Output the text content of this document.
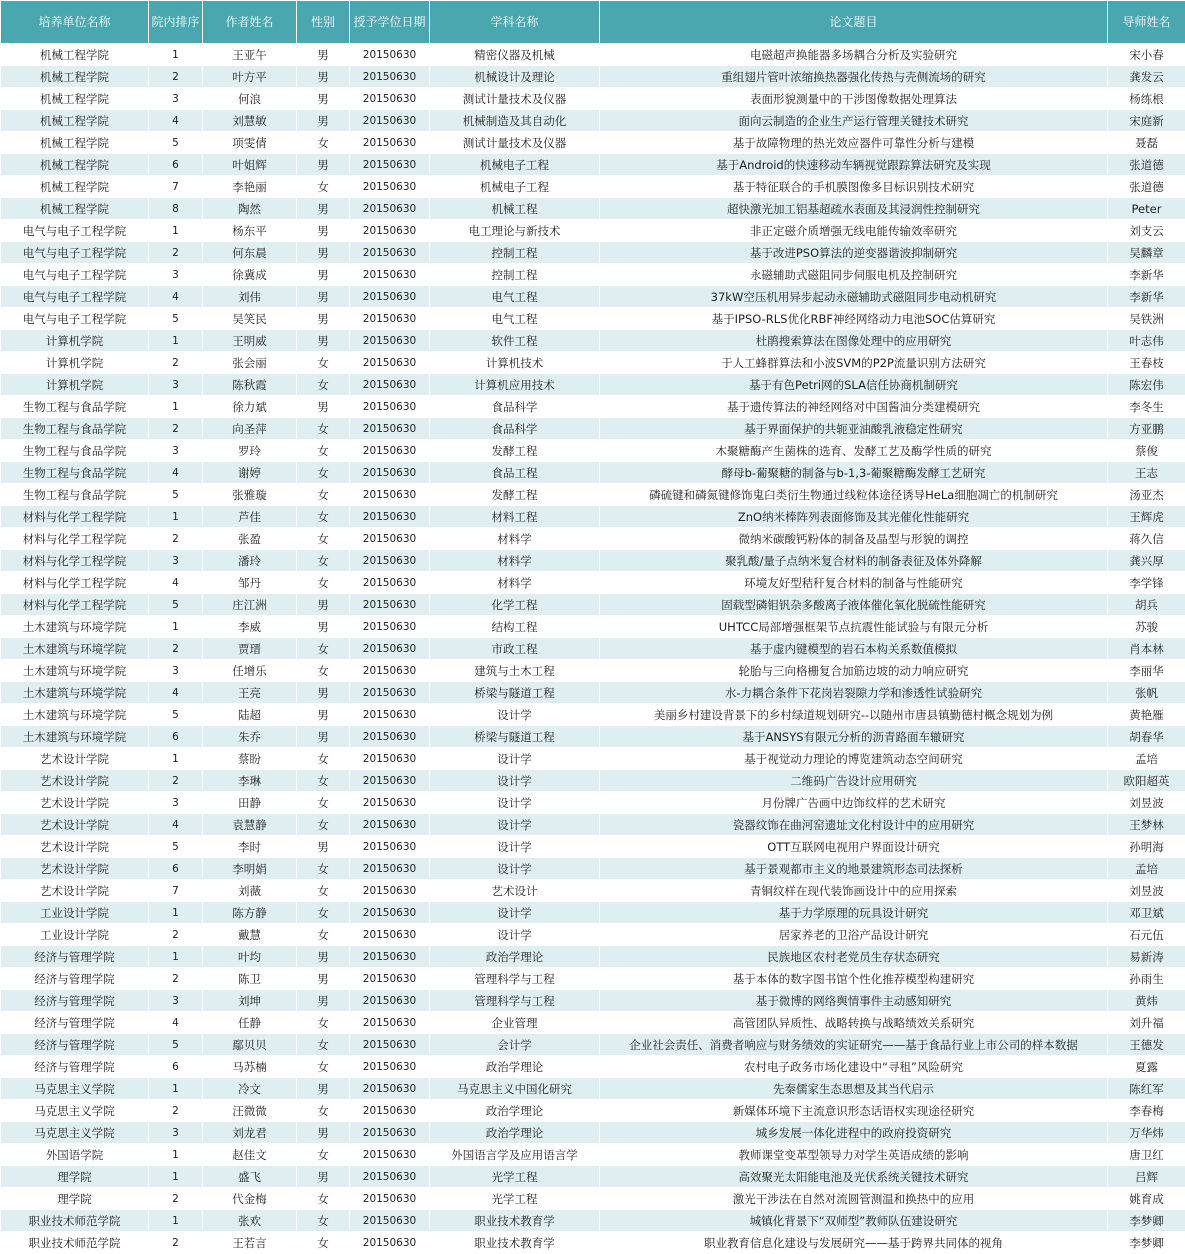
培养单位名称	院内排序	作者姓名	性别	授予学位日期	学科名称	论文题目	导师姓名
机械工程学院	1	王亚午	男	20150630	精密仪器及机械	电磁超声换能器多场耦合分析及实验研究	宋小春
机械工程学院	2	叶方平	男	20150630	机械设计及理论	重组翅片管叶浓缩换热器强化传热与壳侧流场的研究	龚发云
机械工程学院	3	何浪	男	20150630	测试计量技术及仪器	表面形貌测量中的干涉图像数据处理算法	杨练根
机械工程学院	4	刘慧敏	男	20150630	机械制造及其自动化	面向云制造的企业生产运行管理关键技术研究	宋庭新
机械工程学院	5	项雯倩	女	20150630	测试计量技术及仪器	基于故障物理的热光效应器件可靠性分析与建模	聂磊
机械工程学院	6	叶姐辉	男	20150630	机械电子工程	基于Android的快速移动车辆视觉跟踪算法研究及实现	张道德
机械工程学院	7	李艳丽	女	20150630	机械电子工程	基于特征联合的手机膜图像多目标识别技术研究	张道德
机械工程学院	8	陶然	男	20150630	机械工程	超快激光加工铝基超疏水表面及其浸润性控制研究	Peter
电气与电子工程学院	1	杨东平	男	20150630	电工理论与新技术	非正定磁介质增强无线电能传输效率研究	刘支云
电气与电子工程学院	2	何东晨	男	20150630	控制工程	基于改进PSO算法的逆变器谐波抑制研究	吴麟章
电气与电子工程学院	3	徐冀成	男	20150630	控制工程	永磁辅助式磁阻同步伺服电机及控制研究	李新华
电气与电子工程学院	4	刘伟	男	20150630	电气工程	37kW空压机用异步起动永磁辅助式磁阻同步电动机研究	李新华
电气与电子工程学院	5	吴笑民	男	20150630	电气工程	基于IPSO-RLS优化RBF神经网络动力电池SOC估算研究	吴铁洲
计算机学院	1	王明威	男	20150630	软件工程	杜鹃搜索算法在图像处理中的应用研究	叶志伟
计算机学院	2	张会丽	女	20150630	计算机技术	于人工蜂群算法和小波SVM的P2P流量识别方法研究	王春枝
计算机学院	3	陈秋霞	女	20150630	计算机应用技术	基于有色Petri网的SLA信任协商机制研究	陈宏伟
生物工程与食品学院	1	徐力斌	男	20150630	食品科学	基于遗传算法的神经网络对中国酱油分类建模研究	李冬生
生物工程与食品学院	2	向圣萍	女	20150630	食品科学	基于界面保护的共轭亚油酸乳液稳定性研究	方亚鹏
生物工程与食品学院	3	罗玲	女	20150630	发酵工程	木聚糖酶产生菌株的选育、发酵工艺及酶学性质的研究	蔡俊
生物工程与食品学院	4	谢婷	女	20150630	食品工程	酵母b-葡聚糖的制备与b-1,3-葡聚糖酶发酵工艺研究	王志
生物工程与食品学院	5	张雅璇	女	20150630	发酵工程	磷硫键和磷氮键修饰鬼臼类衍生物通过线粒体途径诱导HeLa细胞凋亡的机制研究	汤亚杰
材料与化学工程学院	1	芦佳	女	20150630	材料工程	ZnO纳米棒阵列表面修饰及其光催化性能研究	王辉虎
材料与化学工程学院	2	张盈	女	20150630	材料学	微纳米碳酸钙粉体的制备及晶型与形貌的调控	蒋久信
材料与化学工程学院	3	潘玲	女	20150630	材料学	聚乳酸/量子点纳米复合材料的制备表征及体外降解	龚兴厚
材料与化学工程学院	4	邹丹	女	20150630	材料学	环境友好型秸秆复合材料的制备与性能研究	李学锋
材料与化学工程学院	5	庄江洲	男	20150630	化学工程	固载型磷钼钒杂多酸离子液体催化氧化脱硫性能研究	胡兵
土木建筑与环境学院	1	李威	男	20150630	结构工程	UHTCC局部增强框架节点抗震性能试验与有限元分析	苏骏
土木建筑与环境学院	2	贾瑨	女	20150630	市政工程	基于虚内键模型的岩石本构关系数值模拟	肖本林
土木建筑与环境学院	3	任增乐	女	20150630	建筑与土木工程	轮胎与三向格栅复合加筋边坡的动力响应研究	李丽华
土木建筑与环境学院	4	王亮	男	20150630	桥梁与隧道工程	水-力耦合条件下花岗岩裂隙力学和渗透性试验研究	张帆
土木建筑与环境学院	5	陆超	男	20150630	设计学	美丽乡村建设背景下的乡村绿道规划研究--以随州市唐县镇勤德村概念规划为例	黄艳雁
土木建筑与环境学院	6	朱乔	男	20150630	桥梁与隧道工程	基于ANSYS有限元分析的沥青路面车辙研究	胡春华
艺术设计学院	1	蔡盼	女	20150630	设计学	基于视觉动力理论的博览建筑动态空间研究	孟培
艺术设计学院	2	李琳	女	20150630	设计学	二维码广告设计应用研究	欧阳超英
艺术设计学院	3	田静	女	20150630	设计学	月份牌广告画中边饰纹样的艺术研究	刘昱波
艺术设计学院	4	袁慧静	女	20150630	设计学	瓷器纹饰在曲河窑遗址文化村设计中的应用研究	王梦林
艺术设计学院	5	李时	男	20150630	设计学	OTT互联网电视用户界面设计研究	孙明海
艺术设计学院	6	李明娟	女	20150630	设计学	基于景观都市主义的地景建筑形态司法探析	孟培
艺术设计学院	7	刘薇	女	20150630	艺术设计	青铜纹样在现代装饰画设计中的应用探索	刘昱波
工业设计学院	1	陈方静	女	20150630	设计学	基于力学原理的玩具设计研究	邓卫斌
工业设计学院	2	戴慧	女	20150630	设计学	居家养老的卫浴产品设计研究	石元伍
经济与管理学院	1	叶均	男	20150630	政治学理论	民族地区农村老党员生存状态研究	易新涛
经济与管理学院	2	陈卫	男	20150630	管理科学与工程	基于本体的数字图书馆个性化推荐模型构建研究	孙雨生
经济与管理学院	3	刘坤	男	20150630	管理科学与工程	基于微博的网络舆情事件主动感知研究	黄炜
经济与管理学院	4	任静	女	20150630	企业管理	高管团队异质性、战略转换与战略绩效关系研究	刘升福
经济与管理学院	5	鄢贝贝	女	20150630	会计学	企业社会责任、消费者响应与财务绩效的实证研究——基于食品行业上市公司的样本数据	王德发
经济与管理学院	6	马苏楠	女	20150630	政治学理论	农村电子政务市场化建设中“寻租”风险研究	夏露
马克思主义学院	1	冷文	男	20150630	马克思主义中国化研究	先秦儒家生态思想及其当代启示	陈红军
马克思主义学院	2	汪微微	女	20150630	政治学理论	新媒体环境下主流意识形态话语权实现途径研究	李春梅
马克思主义学院	3	刘龙君	男	20150630	政治学理论	城乡发展一体化进程中的政府投资研究	万华炜
外国语学院	1	赵佳文	女	20150630	外国语言学及应用语言学	教师课堂变革型领导力对学生英语成绩的影响	唐卫红
理学院	1	盛飞	男	20150630	光学工程	高效聚光太阳能电池及光伏系统关键技术研究	吕辉
理学院	2	代金梅	女	20150630	光学工程	激光干涉法在自然对流圆管测温和换热中的应用	姚育成
职业技术师范学院	1	张欢	女	20150630	职业技术教育学	城镇化背景下“双师型”教师队伍建设研究	李梦卿
职业技术师范学院	2	王若言	女	20150630	职业技术教育学	职业教育信息化建设与发展研究——基于跨界共同体的视角	李梦卿
